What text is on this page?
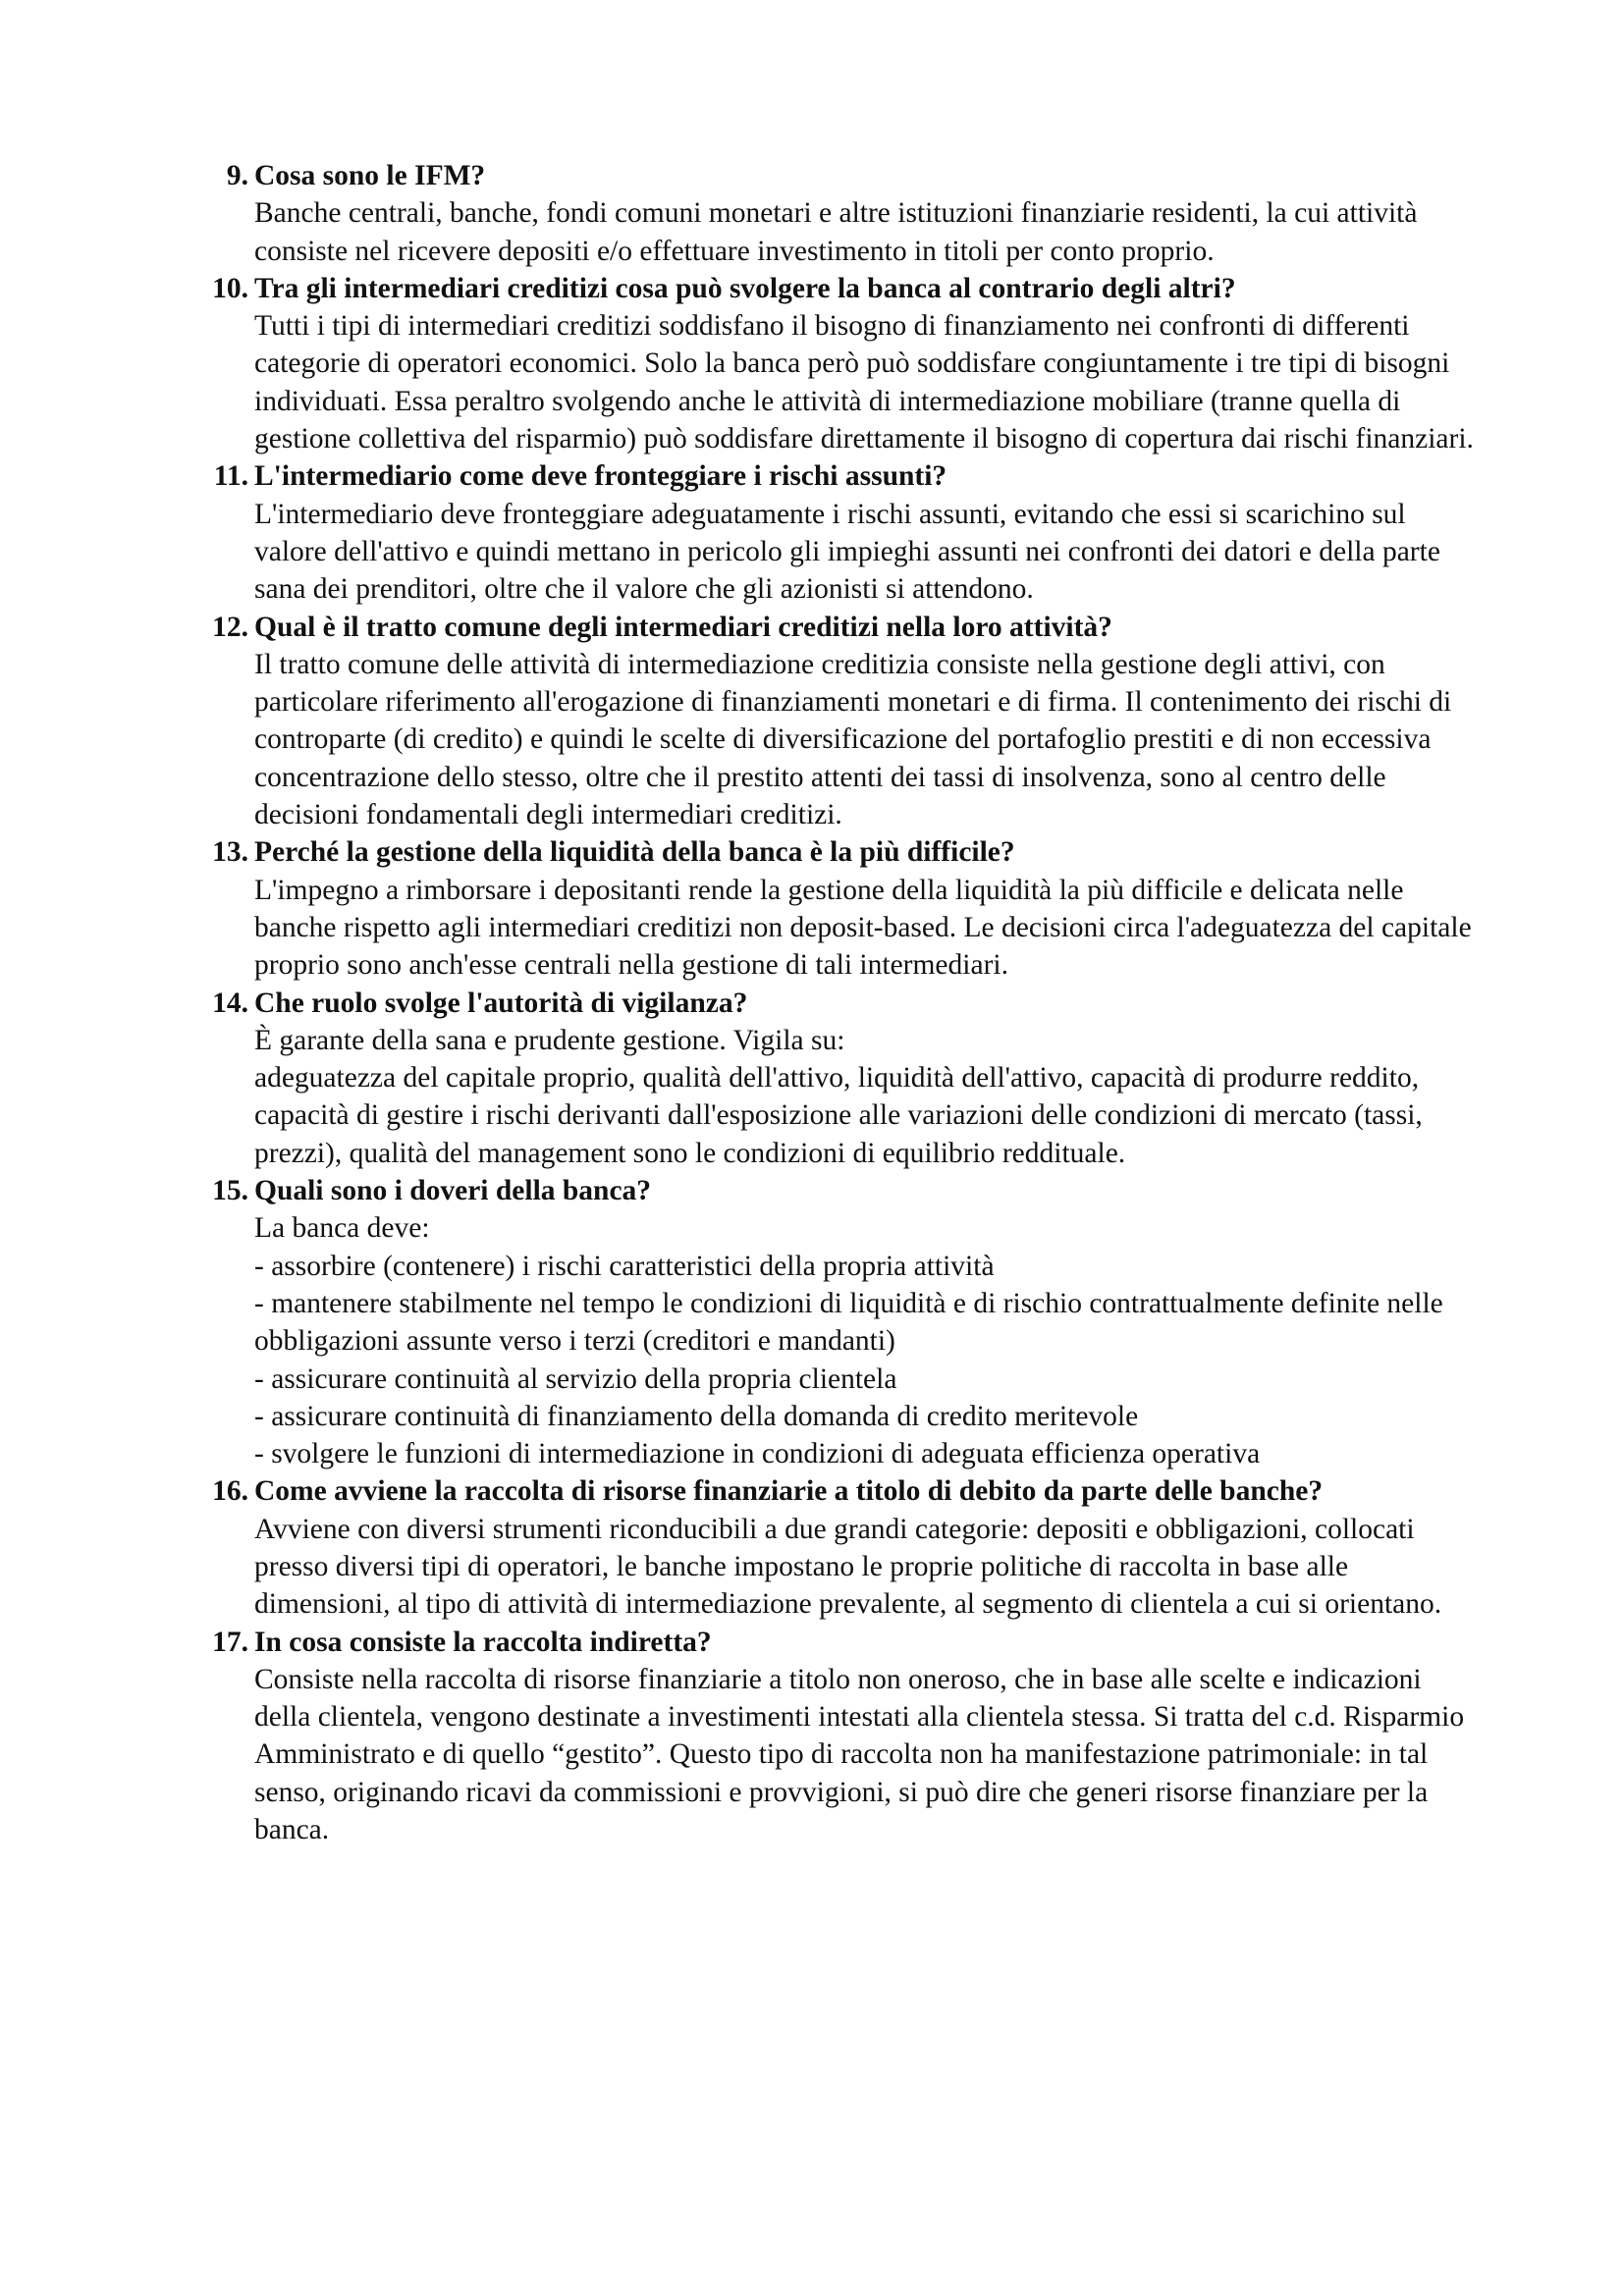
9. Cosa sono le IFM?
Banche centrali, banche, fondi comuni monetari e altre istituzioni finanziarie residenti, la cui attività consiste nel ricevere depositi e/o effettuare investimento in titoli per conto proprio.
10. Tra gli intermediari creditizi cosa può svolgere la banca al contrario degli altri?
Tutti i tipi di intermediari creditizi soddisfano il bisogno di finanziamento nei confronti di differenti categorie di operatori economici. Solo la banca però può soddisfare congiuntamente i tre tipi di bisogni individuati. Essa peraltro svolgendo anche le attività di intermediazione mobiliare (tranne quella di gestione collettiva del risparmio) può soddisfare direttamente il bisogno di copertura dai rischi finanziari.
11. L'intermediario come deve fronteggiare i rischi assunti?
L'intermediario deve fronteggiare adeguatamente i rischi assunti, evitando che essi si scarichino sul valore dell'attivo e quindi mettano in pericolo gli impieghi assunti nei confronti dei datori e della parte sana dei prenditori, oltre che il valore che gli azionisti si attendono.
12. Qual è il tratto comune degli intermediari creditizi nella loro attività?
Il tratto comune delle attività di intermediazione creditizia consiste nella gestione degli attivi, con particolare riferimento all'erogazione di finanziamenti monetari e di firma. Il contenimento dei rischi di controparte (di credito) e quindi le scelte di diversificazione del portafoglio prestiti e di non eccessiva concentrazione dello stesso, oltre che il prestito attenti dei tassi di insolvenza, sono al centro delle decisioni fondamentali degli intermediari creditizi.
13. Perché la gestione della liquidità della banca è la più difficile?
L'impegno a rimborsare i depositanti rende la gestione della liquidità la più difficile e delicata nelle banche rispetto agli intermediari creditizi non deposit-based. Le decisioni circa l'adeguatezza del capitale proprio sono anch'esse centrali nella gestione di tali intermediari.
14. Che ruolo svolge l'autorità di vigilanza?
È garante della sana e prudente gestione. Vigila su:
adeguatezza del capitale proprio, qualità dell'attivo, liquidità dell'attivo, capacità di produrre reddito, capacità di gestire i rischi derivanti dall'esposizione alle variazioni delle condizioni di mercato (tassi, prezzi), qualità del management sono le condizioni di equilibrio reddituale.
15. Quali sono i doveri della banca?
La banca deve:
- assorbire (contenere) i rischi caratteristici della propria attività
- mantenere stabilmente nel tempo le condizioni di liquidità e di rischio contrattualmente definite nelle obbligazioni assunte verso i terzi (creditori e mandanti)
- assicurare continuità al servizio della propria clientela
- assicurare continuità di finanziamento della domanda di credito meritevole
- svolgere le funzioni di intermediazione in condizioni di adeguata efficienza operativa
16. Come avviene la raccolta di risorse finanziarie a titolo di debito da parte delle banche?
Avviene con diversi strumenti riconducibili a due grandi categorie: depositi e obbligazioni, collocati presso diversi tipi di operatori, le banche impostano le proprie politiche di raccolta in base alle dimensioni, al tipo di attività di intermediazione prevalente, al segmento di clientela a cui si orientano.
17. In cosa consiste la raccolta indiretta?
Consiste nella raccolta di risorse finanziarie a titolo non oneroso, che in base alle scelte e indicazioni della clientela, vengono destinate a investimenti intestati alla clientela stessa. Si tratta del c.d. Risparmio Amministrato e di quello “gestito”. Questo tipo di raccolta non ha manifestazione patrimoniale: in tal senso, originando ricavi da commissioni e provvigioni, si può dire che generi risorse finanziare per la banca.
